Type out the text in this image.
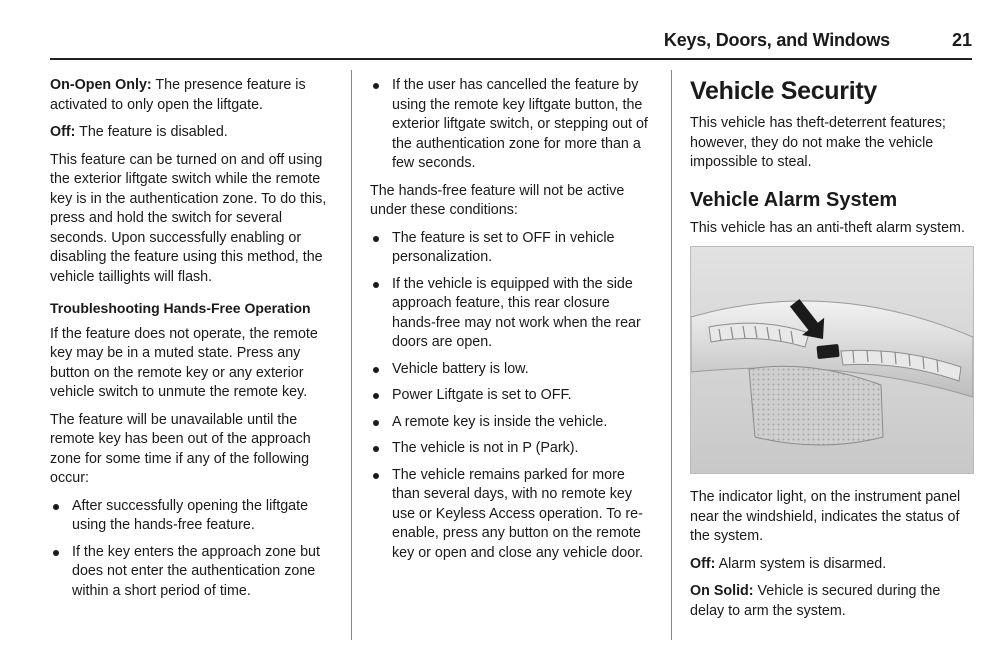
Keys, Doors, and Windows	21

On-Open Only: The presence feature is activated to only open the liftgate.

Off: The feature is disabled.

This feature can be turned on and off using the exterior liftgate switch while the remote key is in the authentication zone. To do this, press and hold the switch for several seconds. Upon successfully enabling or disabling the feature using this method, the vehicle taillights will flash.

Troubleshooting Hands-Free Operation

If the feature does not operate, the remote key may be in a muted state. Press any button on the remote key or any exterior vehicle switch to unmute the remote key.

The feature will be unavailable until the remote key has been out of the approach zone for some time if any of the following occur:

After successfully opening the liftgate using the hands-free feature.
If the key enters the approach zone but does not enter the authentication zone within a short period of time.
If the user has cancelled the feature by using the remote key liftgate button, the exterior liftgate switch, or stepping out of the authentication zone for more than a few seconds.

The hands-free feature will not be active under these conditions:

The feature is set to OFF in vehicle personalization.
If the vehicle is equipped with the side approach feature, this rear closure hands-free may not work when the rear doors are open.
Vehicle battery is low.
Power Liftgate is set to OFF.
A remote key is inside the vehicle.
The vehicle is not in P (Park).
The vehicle remains parked for more than several days, with no remote key use or Keyless Access operation. To re-enable, press any button on the remote key or open and close any vehicle door.

Vehicle Security

This vehicle has theft-deterrent features; however, they do not make the vehicle impossible to steal.

Vehicle Alarm System

This vehicle has an anti-theft alarm system.

The indicator light, on the instrument panel near the windshield, indicates the status of the system.

Off: Alarm system is disarmed.

On Solid: Vehicle is secured during the delay to arm the system.
